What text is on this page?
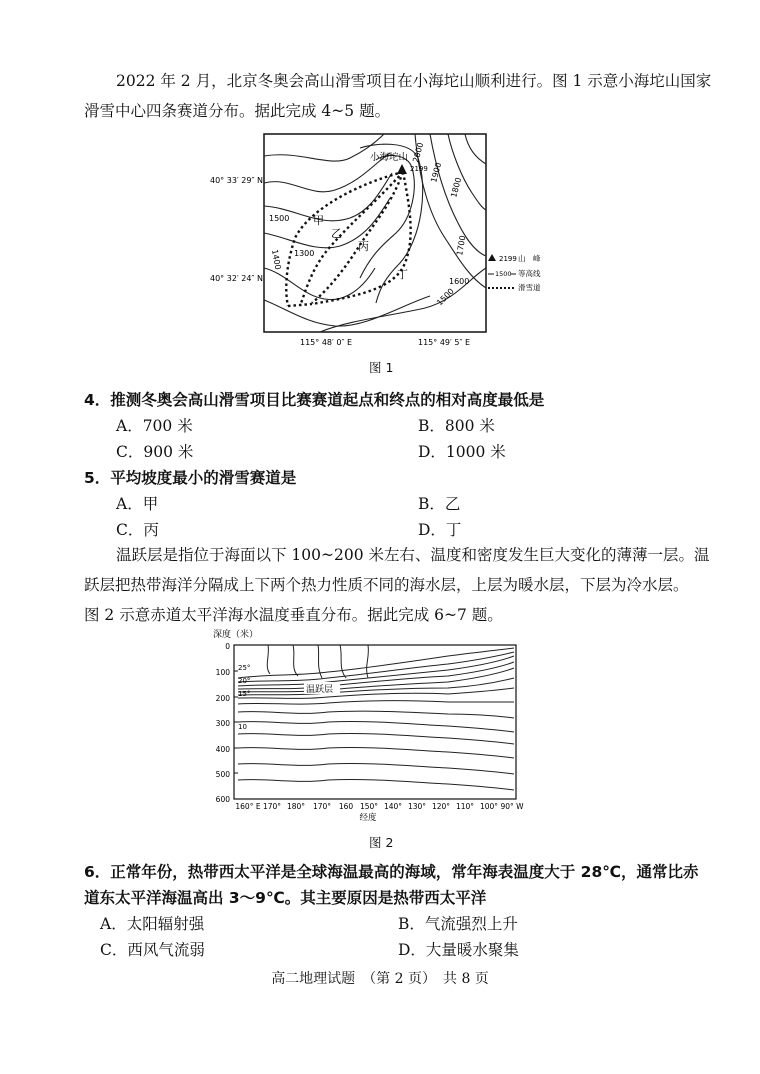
2022 年 2 月，北京冬奥会高山滑雪项目在小海坨山顺利进行。图 1 示意小海坨山国家
滑雪中心四条赛道分布。据此完成 4~5 题。
小海坨山
2199
2000
1900
1800
1700
1600
1500
1500
1400 1300
甲
乙
丙
丁
40° 33′ 29″ N
40° 32′ 24″ N
115° 48′ 0″ E	115° 49′ 5″ E
2199 山　峰
1500 等高线
滑雪道
图 1
4．推测冬奥会高山滑雪项目比赛赛道起点和终点的相对高度最低是
A．700 米	B．800 米
C．900 米	D．1000 米
5．平均坡度最小的滑雪赛道是
A．甲	B．乙
C．丙	D．丁
温跃层是指位于海面以下 100~200 米左右、温度和密度发生巨大变化的薄薄一层。温
跃层把热带海洋分隔成上下两个热力性质不同的海水层，上层为暖水层，下层为冷水层。
图 2 示意赤道太平洋海水温度垂直分布。据此完成 6~7 题。
深度（米）
0
100
200
300
400
500
600
温跃层
25°
20°
15°
10
160° E 170° 180° 170° 160 150° 140° 130° 120° 110° 100° 90° W
经度
图 2
6．正常年份，热带西太平洋是全球海温最高的海域，常年海表温度大于 28℃，通常比赤
道东太平洋海温高出 3～9℃。其主要原因是热带西太平洋
A．太阳辐射强	B．气流强烈上升
C．西风气流弱	D．大量暖水聚集
高二地理试题　（第 2 页）　共 8 页
